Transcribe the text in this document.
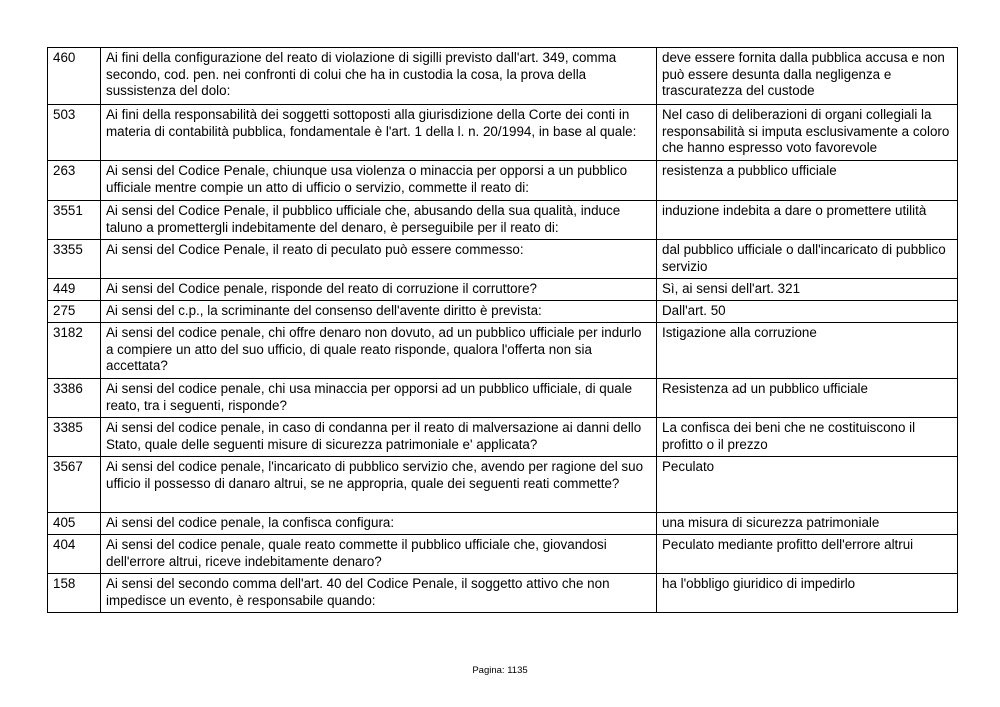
460	Ai fini della configurazione del reato di violazione di sigilli previsto dall'art. 349, comma secondo, cod. pen. nei confronti di colui che ha in custodia la cosa, la prova della sussistenza del dolo:	deve essere fornita dalla pubblica accusa e non può essere desunta dalla negligenza e trascuratezza del custode
503	Ai fini della responsabilità dei soggetti sottoposti alla giurisdizione della Corte dei conti in materia di contabilità pubblica, fondamentale è l'art. 1 della l. n. 20/1994, in base al quale:	Nel caso di deliberazioni di organi collegiali la responsabilità si imputa esclusivamente a coloro che hanno espresso voto favorevole
263	Ai sensi del Codice Penale, chiunque usa violenza o minaccia per opporsi a un pubblico ufficiale mentre compie un atto di ufficio o servizio, commette il reato di:	resistenza a pubblico ufficiale
3551	Ai sensi del Codice Penale, il pubblico ufficiale che, abusando della sua qualità, induce taluno a promettergli indebitamente del denaro, è perseguibile per il reato di:	induzione indebita a dare o promettere utilità
3355	Ai sensi del Codice Penale, il reato di peculato può essere commesso:	dal pubblico ufficiale o dall'incaricato di pubblico servizio
449	Ai sensi del Codice penale, risponde del reato di corruzione il corruttore?	Sì, ai sensi dell'art. 321
275	Ai sensi del c.p., la scriminante del consenso dell'avente diritto è prevista:	Dall'art. 50
3182	Ai sensi del codice penale, chi offre denaro non dovuto, ad un pubblico ufficiale per indurlo a compiere un atto del suo ufficio, di quale reato risponde, qualora l'offerta non sia accettata?	Istigazione alla corruzione
3386	Ai sensi del codice penale, chi usa minaccia per opporsi ad un pubblico ufficiale, di quale reato, tra i seguenti, risponde?	Resistenza ad un pubblico ufficiale
3385	Ai sensi del codice penale, in caso di condanna per il reato di malversazione ai danni dello Stato, quale delle seguenti misure di sicurezza patrimoniale e' applicata?	La confisca dei beni che ne costituiscono il profitto o il prezzo
3567	Ai sensi del codice penale, l'incaricato di pubblico servizio che, avendo per ragione del suo ufficio il possesso di danaro altrui, se ne appropria, quale dei seguenti reati commette?	Peculato
405	Ai sensi del codice penale, la confisca configura:	una misura di sicurezza patrimoniale
404	Ai sensi del codice penale, quale reato commette il pubblico ufficiale che, giovandosi dell'errore altrui, riceve indebitamente denaro?	Peculato mediante profitto dell'errore altrui
158	Ai sensi del secondo comma dell'art. 40 del Codice Penale, il soggetto attivo che non impedisce un evento, è responsabile quando:	ha l'obbligo giuridico di impedirlo
Pagina: 1135
